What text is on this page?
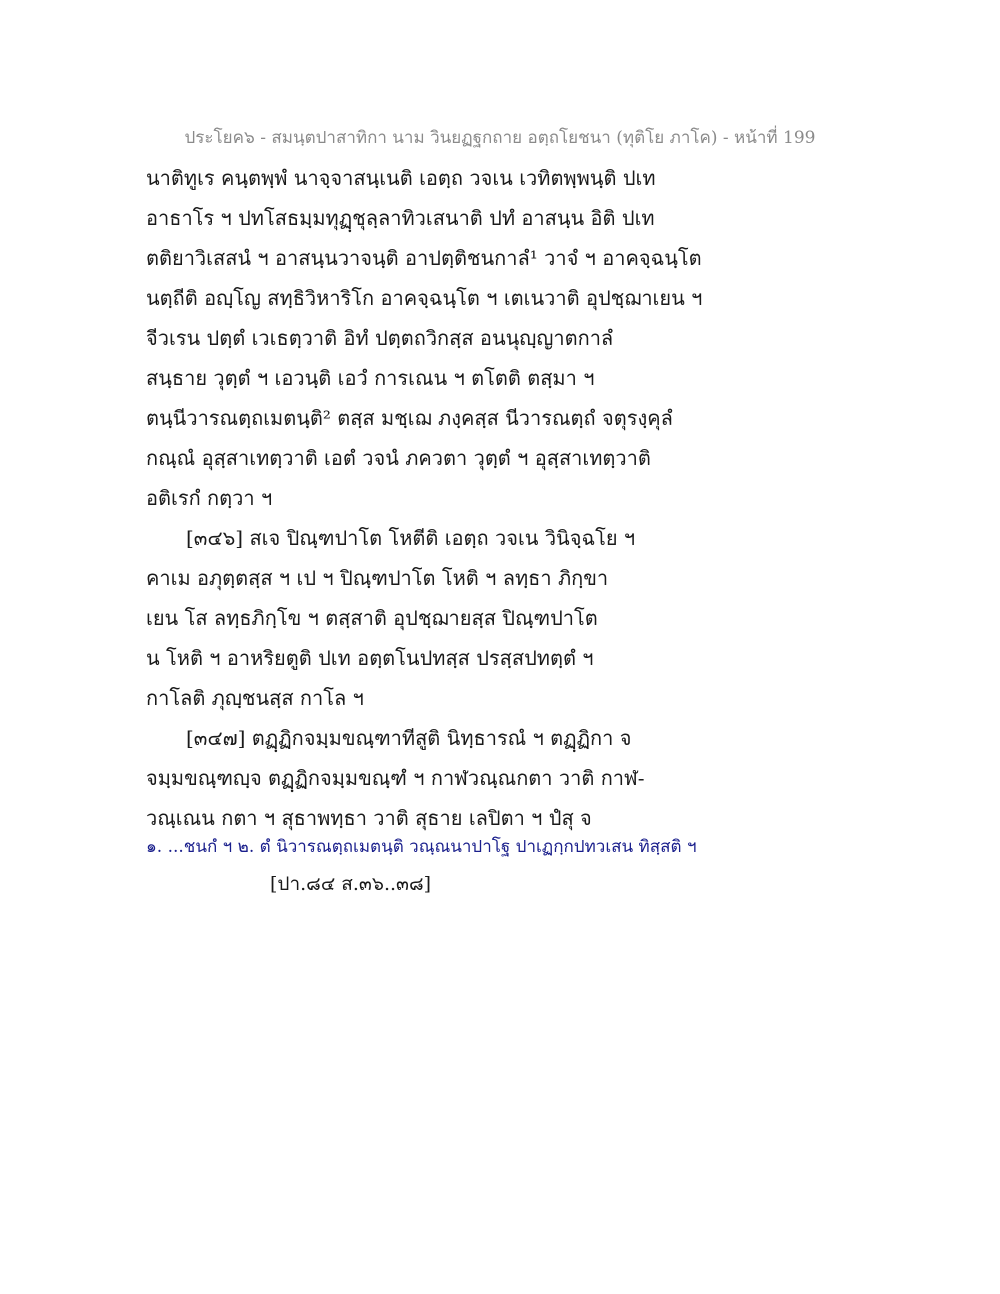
ประโยค๖ - สมนฺตปาสาทิกา นาม วินยฏฐกถาย อตฺถโยชนา (ทุติโย ภาโค) - หน้าที่ 199
นาติทูเร คนฺตพฺพํ นาจฺจาสนฺเนติ เอตฺถ วจเน เวทิตพฺพนฺติ ปเท
อาธาโร ฯ ปทโสธมฺมทุฏฺชุลฺลาทิวเสนาติ ปทํ อาสนฺน อิติ ปเท
ตติยาวิเสสนํ ฯ อาสนฺนวาจนฺติ อาปตฺติชนกาลํ¹ วาจํ ฯ อาคจฺฉนฺโต
นตฺถีติ อญฺโญ สทฺธิวิหาริโก อาคจฺฉนฺโต ฯ เตเนวาติ อุปชฺฌาเยน ฯ
จีวเรน ปตฺตํ เวเธตฺวาติ อิทํ ปตฺตถวิกสฺส อนนุญฺญาตกาลํ
สนฺธาย วุตฺตํ ฯ เอวนฺติ เอวํ การเณน ฯ ตโตติ ตสฺมา ฯ
ตนฺนีวารณตฺถเมตนฺติ² ตสฺส มชฺเฌ ภงฺคสฺส นีวารณตฺถํ จตุรงฺคุลํ
กณฺณํ อุสฺสาเทตฺวาติ เอตํ วจนํ ภควตา วุตฺตํ ฯ อุสฺสาเทตฺวาติ
อติเรกํ กตฺวา ฯ
[๓๔๖] สเจ ปิณฺฑปาโต โหตีติ เอตฺถ วจเน วินิจฺฉโย ฯ
คาเม อภุตฺตสฺส ฯ เป ฯ ปิณฺฑปาโต โหติ ฯ ลทฺธา ภิกฺขา
เยน โส ลทฺธภิกฺโข ฯ ตสฺสาติ อุปชฺฌายสฺส ปิณฺฑปาโต
น โหติ ฯ อาหริยตูติ ปเท อตฺตโนปทสฺส ปรสฺสปทตฺตํ ฯ
กาโลติ ภุญฺชนสฺส กาโล ฯ
[๓๔๗] ตฏฺฏิกจมฺมขณฺฑาทีสูติ นิทฺธารณํ ฯ ตฏฺฏิกา จ
จมฺมขณฺฑญฺจ ตฏฺฏิกจมฺมขณฺฑํ ฯ กาฬวณฺณกตา วาติ กาฬ-
วณฺเณน กตา ฯ สุธาพทฺธา วาติ สุธาย เลปิตา ฯ ปํสุ จ
๑. ...ชนกํ ฯ ๒. ตํ นิวารณตฺถเมตนฺติ วณฺณนาปาโฐ ปาเฏกฺกปทวเสน ทิสฺสติ ฯ
[ปา.๘๔ ส.๓๖..๓๘]
